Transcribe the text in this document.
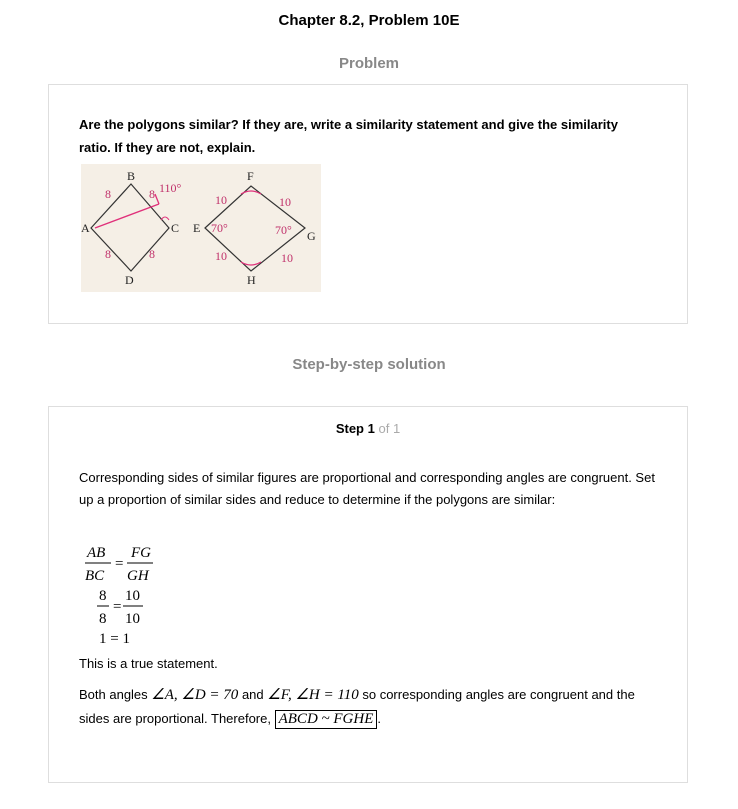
Chapter 8.2, Problem 10E
Problem
Are the polygons similar? If they are, write a similarity statement and give the similarity ratio. If they are not, explain.
A
B
C
D
8	8
8	8
110°
E
F
G
H
10	10
10	10
70°	70°
Step-by-step solution
Step 1 of 1
Corresponding sides of similar figures are proportional and corresponding angles are congruent. Set up a proportion of similar sides and reduce to determine if the polygons are similar:
AB
BC
=
FG
GH
8
8
=
10
10
1 = 1
This is a true statement.
Both angles ∠A, ∠D = 70 and ∠F, ∠H = 110 so corresponding angles are congruent and the sides are proportional. Therefore, ABCD ~ FGHE .
